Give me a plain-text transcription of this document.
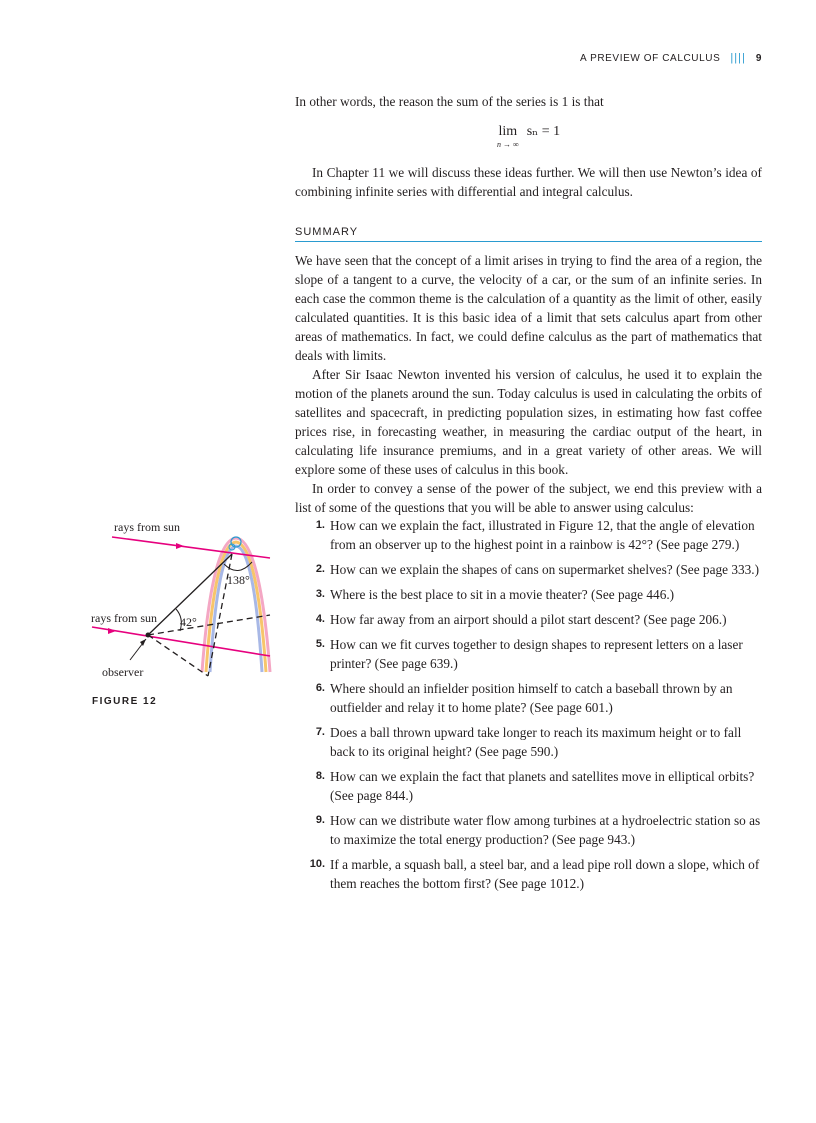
A PREVIEW OF CALCULUS |||| 9

In other words, the reason the sum of the series is 1 is that

lim
n → ∞
sₙ = 1

In Chapter 11 we will discuss these ideas further. We will then use Newton’s idea of combining infinite series with differential and integral calculus.

SUMMARY

We have seen that the concept of a limit arises in trying to find the area of a region, the slope of a tangent to a curve, the velocity of a car, or the sum of an infinite series. In each case the common theme is the calculation of a quantity as the limit of other, easily calculated quantities. It is this basic idea of a limit that sets calculus apart from other areas of mathematics. In fact, we could define calculus as the part of mathematics that deals with limits.

After Sir Isaac Newton invented his version of calculus, he used it to explain the motion of the planets around the sun. Today calculus is used in calculating the orbits of satellites and spacecraft, in predicting population sizes, in estimating how fast coffee prices rise, in forecasting weather, in measuring the cardiac output of the heart, in calculating life insurance premiums, and in a great variety of other areas. We will explore some of these uses of calculus in this book.

In order to convey a sense of the power of the subject, we end this preview with a list of some of the questions that you will be able to answer using calculus:

1. How can we explain the fact, illustrated in Figure 12, that the angle of elevation from an observer up to the highest point in a rainbow is 42°? (See page 279.)
2. How can we explain the shapes of cans on supermarket shelves? (See page 333.)
3. Where is the best place to sit in a movie theater? (See page 446.)
4. How far away from an airport should a pilot start descent? (See page 206.)
5. How can we fit curves together to design shapes to represent letters on a laser printer? (See page 639.)
6. Where should an infielder position himself to catch a baseball thrown by an outfielder and relay it to home plate? (See page 601.)
7. Does a ball thrown upward take longer to reach its maximum height or to fall back to its original height? (See page 590.)
8. How can we explain the fact that planets and satellites move in elliptical orbits? (See page 844.)
9. How can we distribute water flow among turbines at a hydroelectric station so as to maximize the total energy production? (See page 943.)
10. If a marble, a squash ball, a steel bar, and a lead pipe roll down a slope, which of them reaches the bottom first? (See page 1012.)
rays from sun
rays from sun
observer
42°
138°
FIGURE 12
